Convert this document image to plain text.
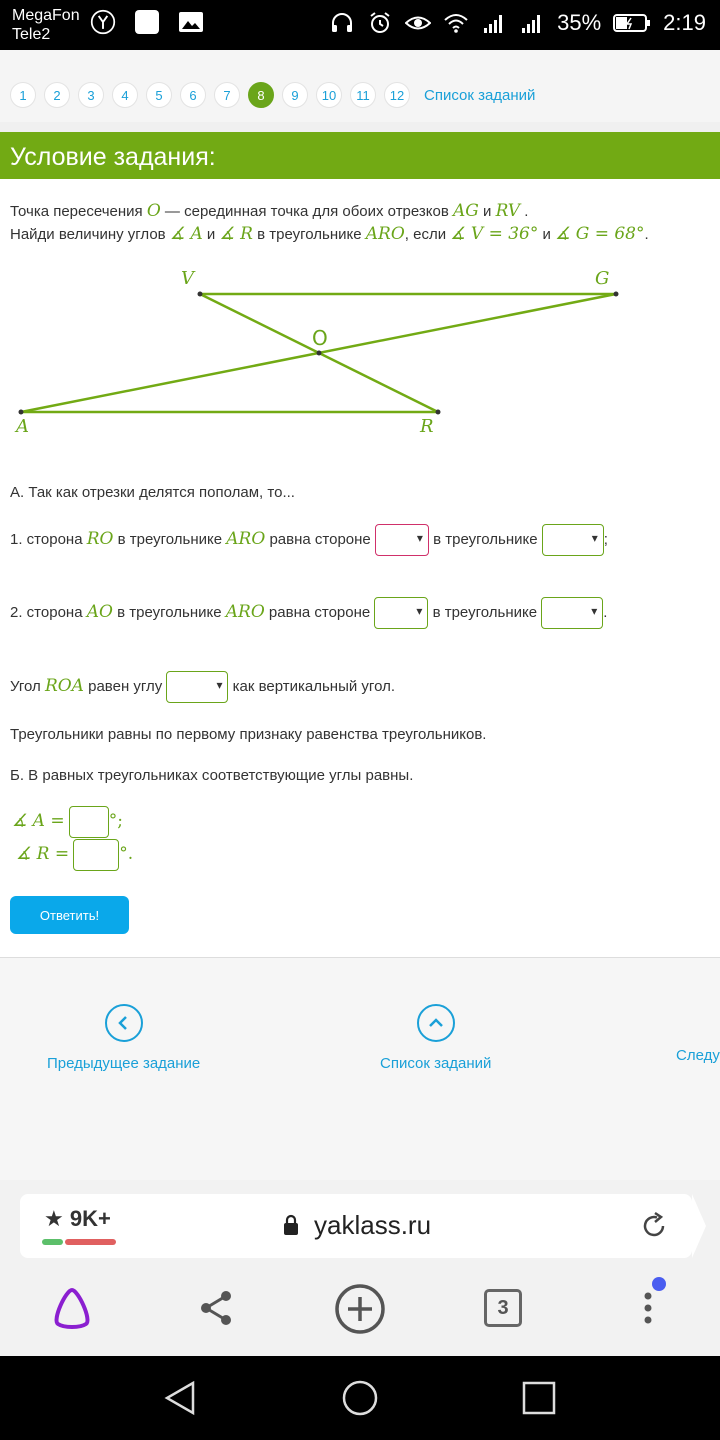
MegaFon
Tele2	35%	2:19
1	2	3	4	5	6	7	8	9	10	11	12	Список заданий
Условие задания:
Точка пересечения O — серединная точка для обоих отрезков AG и RV .
Найди величину углов ∡ A и ∡ R в треугольнике ARO, если ∡ V = 36° и ∡ G = 68°.
V	G
O
A	R
А. Так как отрезки делятся пополам, то...
1. сторона RO в треугольнике ARO равна стороне ▾	в треугольнике ▾	;
2. сторона AO в треугольнике ARO равна стороне ▾	в треугольнике ▾	.
Угол ROA равен углу ▾	как вертикальный угол.
Треугольники равны по первому признаку равенства треугольников.
Б. В равных треугольниках соответствующие углы равны.
∡ A =	°;
∡ R =	°.
Ответить!
Предыдущее задание	Список заданий	Следу
★ 9K+	yaklass.ru
3
